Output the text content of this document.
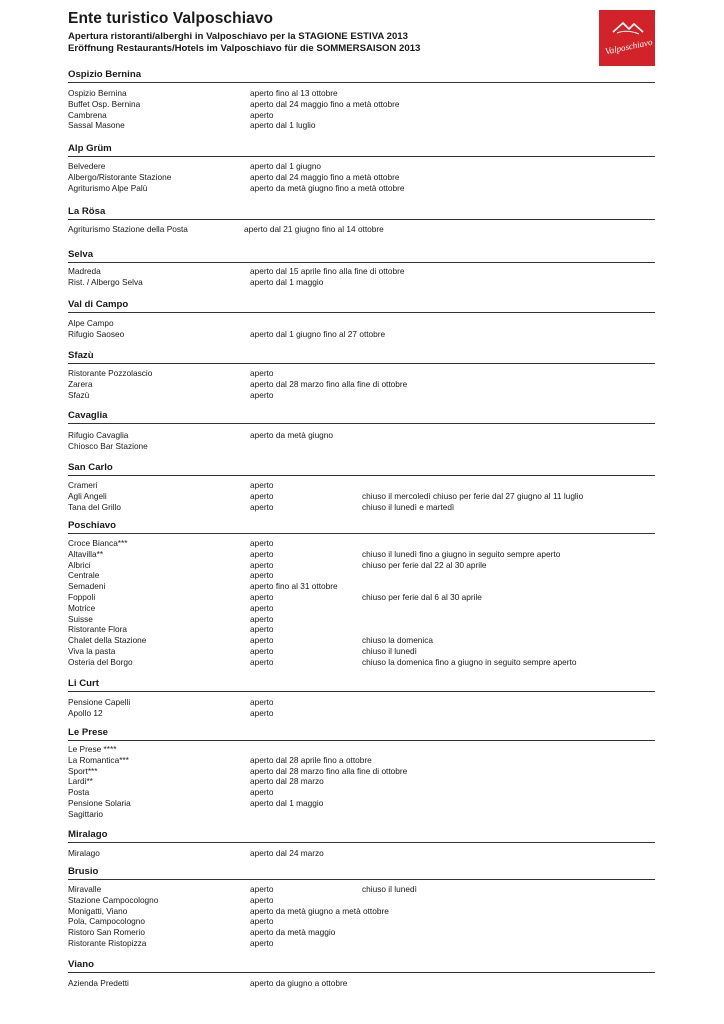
Ente turistico Valposchiavo
Apertura ristoranti/alberghi in Valposchiavo per la STAGIONE ESTIVA 2013
Eröffnung Restaurants/Hotels im Valposchiavo für die SOMMERSAISON 2013	Valposchiavo
Ospizio Bernina
Ospizio Bernina	aperto fino al 13 ottobre
Buffet Osp. Bernina	aperto dal 24 maggio fino a metà ottobre
Cambrena	aperto
Sassal Masone	aperto dal 1 luglio
Alp Grüm
Belvedere	aperto dal 1 giugno
Albergo/Ristorante Stazione	aperto dal 24 maggio fino a metà ottobre
Agriturismo Alpe Palü	aperto da metà giugno fino a metà ottobre
La Rösa
Agriturismo Stazione della Posta	aperto dal 21 giugno fino al 14 ottobre
Selva
Madreda	aperto dal 15 aprile fino alla fine di ottobre
Rist. / Albergo Selva	aperto dal 1 maggio
Val di Campo
Alpe Campo
Rifugio Saoseo	aperto dal 1 giugno fino al 27 ottobre
Sfazù
Ristorante Pozzolascio	aperto
Zarera	aperto dal 28 marzo fino alla fine di ottobre
Sfazù	aperto
Cavaglia
Rifugio Cavaglia	aperto da metà giugno
Chiosco Bar Stazione
San Carlo
Crameri	aperto
Agli Angeli	aperto	chiuso il mercoledì chiuso per ferie dal 27 giugno al 11 luglio
Tana del Grillo	aperto	chiuso il lunedì e martedì
Poschiavo
Croce Bianca***	aperto
Altavilla**	aperto	chiuso il lunedì fino a giugno in seguito sempre aperto
Albrici	aperto	chiuso per ferie dal 22 al 30 aprile
Centrale	aperto
Semadeni	aperto fino al 31 ottobre
Foppoli	aperto	chiuso per ferie dal 6 al 30 aprile
Motrice	aperto
Suisse	aperto
Ristorante Flora	aperto
Chalet della Stazione	aperto	chiuso la domenica
Viva la pasta	aperto	chiuso il lunedì
Osteria del Borgo	aperto	chiuso la domenica fino a giugno in seguito sempre aperto
Li Curt
Pensione Capelli	aperto
Apollo 12	aperto
Le Prese
Le Prese ****
La Romantica***	aperto dal 28 aprile fino a ottobre
Sport***	aperto dal 28 marzo fino alla fine di ottobre
Lardi**	aperto dal 28 marzo
Posta	aperto
Pensione Solaria	aperto dal 1 maggio
Sagittario
Miralago
Miralago	aperto dal 24 marzo
Brusio
Miravalle	aperto	chiuso il lunedì
Stazione Campocologno	aperto
Monigatti, Viano	aperto da metà giugno a metà ottobre
Pola, Campocologno	aperto
Ristoro San Romerio	aperto da metà maggio
Ristorante Ristopizza	aperto
Viano
Azienda Predetti	aperto da giugno a ottobre
